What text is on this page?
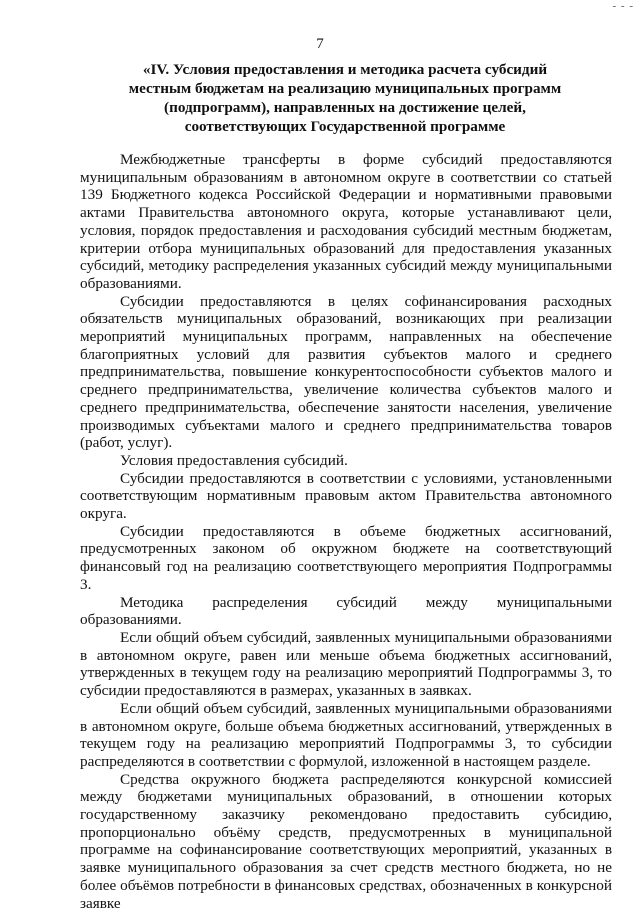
- - -
7
«IV. Условия предоставления и методика расчета субсидий
местным бюджетам на реализацию муниципальных программ
(подпрограмм), направленных на достижение целей,
соответствующих Государственной программе

Межбюджетные трансферты в форме субсидий предоставляются муниципальным образованиям в автономном округе в соответствии со статьей 139 Бюджетного кодекса Российской Федерации и нормативными правовыми актами Правительства автономного округа, которые устанавливают цели, условия, порядок предоставления и расходования субсидий местным бюджетам, критерии отбора муниципальных образований для предоставления указанных субсидий, методику распределения указанных субсидий между муниципальными образованиями.

Субсидии предоставляются в целях софинансирования расходных обязательств муниципальных образований, возникающих при реализации мероприятий муниципальных программ, направленных на обеспечение благоприятных условий для развития субъектов малого и среднего предпринимательства, повышение конкурентоспособности субъектов малого и среднего предпринимательства, увеличение количества субъектов малого и среднего предпринимательства, обеспечение занятости населения, увеличение производимых субъектами малого и среднего предпринимательства товаров (работ, услуг).

Условия предоставления субсидий.

Субсидии предоставляются в соответствии с условиями, установленными соответствующим нормативным правовым актом Правительства автономного округа.

Субсидии предоставляются в объеме бюджетных ассигнований, предусмотренных законом об окружном бюджете на соответствующий финансовый год на реализацию соответствующего мероприятия Подпрограммы 3.

Методика распределения субсидий между муниципальными образованиями.

Если общий объем субсидий, заявленных муниципальными образованиями в автономном округе, равен или меньше объема бюджетных ассигнований, утвержденных в текущем году на реализацию мероприятий Подпрограммы 3, то субсидии предоставляются в размерах, указанных в заявках.

Если общий объем субсидий, заявленных муниципальными образованиями в автономном округе, больше объема бюджетных ассигнований, утвержденных в текущем году на реализацию мероприятий Подпрограммы 3, то субсидии распределяются в соответствии с формулой, изложенной в настоящем разделе.

Средства окружного бюджета распределяются конкурсной комиссией между бюджетами муниципальных образований, в отношении которых государственному заказчику рекомендовано предоставить субсидию, пропорционально объёму средств, предусмотренных в муниципальной программе на софинансирование соответствующих мероприятий, указанных в заявке муниципального образования за счет средств местного бюджета, но не более объёмов потребности в финансовых средствах, обозначенных в конкурсной заявке
